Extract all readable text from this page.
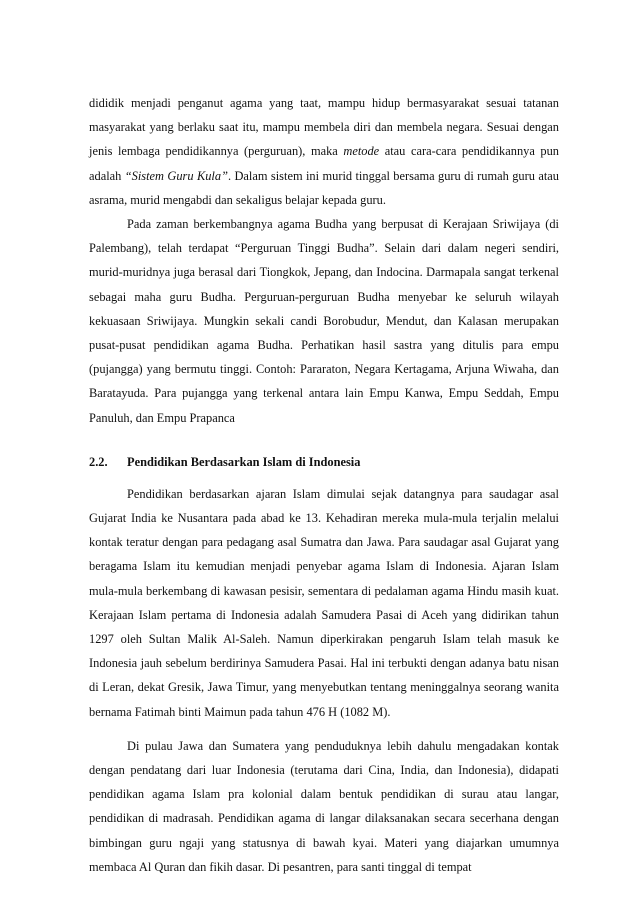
dididik menjadi penganut agama yang taat, mampu hidup bermasyarakat sesuai tatanan masyarakat yang berlaku saat itu, mampu membela diri dan membela negara. Sesuai dengan jenis lembaga pendidikannya (perguruan), maka metode atau cara-cara pendidikannya pun adalah “Sistem Guru Kula”. Dalam sistem ini murid tinggal bersama guru di rumah guru atau asrama, murid mengabdi dan sekaligus belajar kepada guru.

Pada zaman berkembangnya agama Budha yang berpusat di Kerajaan Sriwijaya (di Palembang), telah terdapat “Perguruan Tinggi Budha”. Selain dari dalam negeri sendiri, murid-muridnya juga berasal dari Tiongkok, Jepang, dan Indocina. Darmapala sangat terkenal sebagai maha guru Budha. Perguruan-perguruan Budha menyebar ke seluruh wilayah kekuasaan Sriwijaya. Mungkin sekali candi Borobudur, Mendut, dan Kalasan merupakan pusat-pusat pendidikan agama Budha. Perhatikan hasil sastra yang ditulis para empu (pujangga) yang bermutu tinggi. Contoh: Pararaton, Negara Kertagama, Arjuna Wiwaha, dan Baratayuda. Para pujangga yang terkenal antara lain Empu Kanwa, Empu Seddah, Empu Panuluh, dan Empu Prapanca

2.2.	Pendidikan Berdasarkan Islam di Indonesia

Pendidikan berdasarkan ajaran Islam dimulai sejak datangnya para saudagar asal Gujarat India ke Nusantara pada abad ke 13. Kehadiran mereka mula-mula terjalin melalui kontak teratur dengan para pedagang asal Sumatra dan Jawa. Para saudagar asal Gujarat yang beragama Islam itu kemudian menjadi penyebar agama Islam di Indonesia. Ajaran Islam mula-mula berkembang di kawasan pesisir, sementara di pedalaman agama Hindu masih kuat. Kerajaan Islam pertama di Indonesia adalah Samudera Pasai di Aceh yang didirikan tahun 1297 oleh Sultan Malik Al-Saleh. Namun diperkirakan pengaruh Islam telah masuk ke Indonesia jauh sebelum berdirinya Samudera Pasai. Hal ini terbukti dengan adanya batu nisan di Leran, dekat Gresik, Jawa Timur, yang menyebutkan tentang meninggalnya seorang wanita bernama Fatimah binti Maimun pada tahun 476 H (1082 M).

Di pulau Jawa dan Sumatera yang penduduknya lebih dahulu mengadakan kontak dengan pendatang dari luar Indonesia (terutama dari Cina, India, dan Indonesia), didapati pendidikan agama Islam pra kolonial dalam bentuk pendidikan di surau atau langar, pendidikan di madrasah. Pendidikan agama di langar dilaksanakan secara secerhana dengan bimbingan guru ngaji yang statusnya di bawah kyai. Materi yang diajarkan umumnya membaca Al Quran dan fikih dasar. Di pesantren, para santi tinggal di tempat
